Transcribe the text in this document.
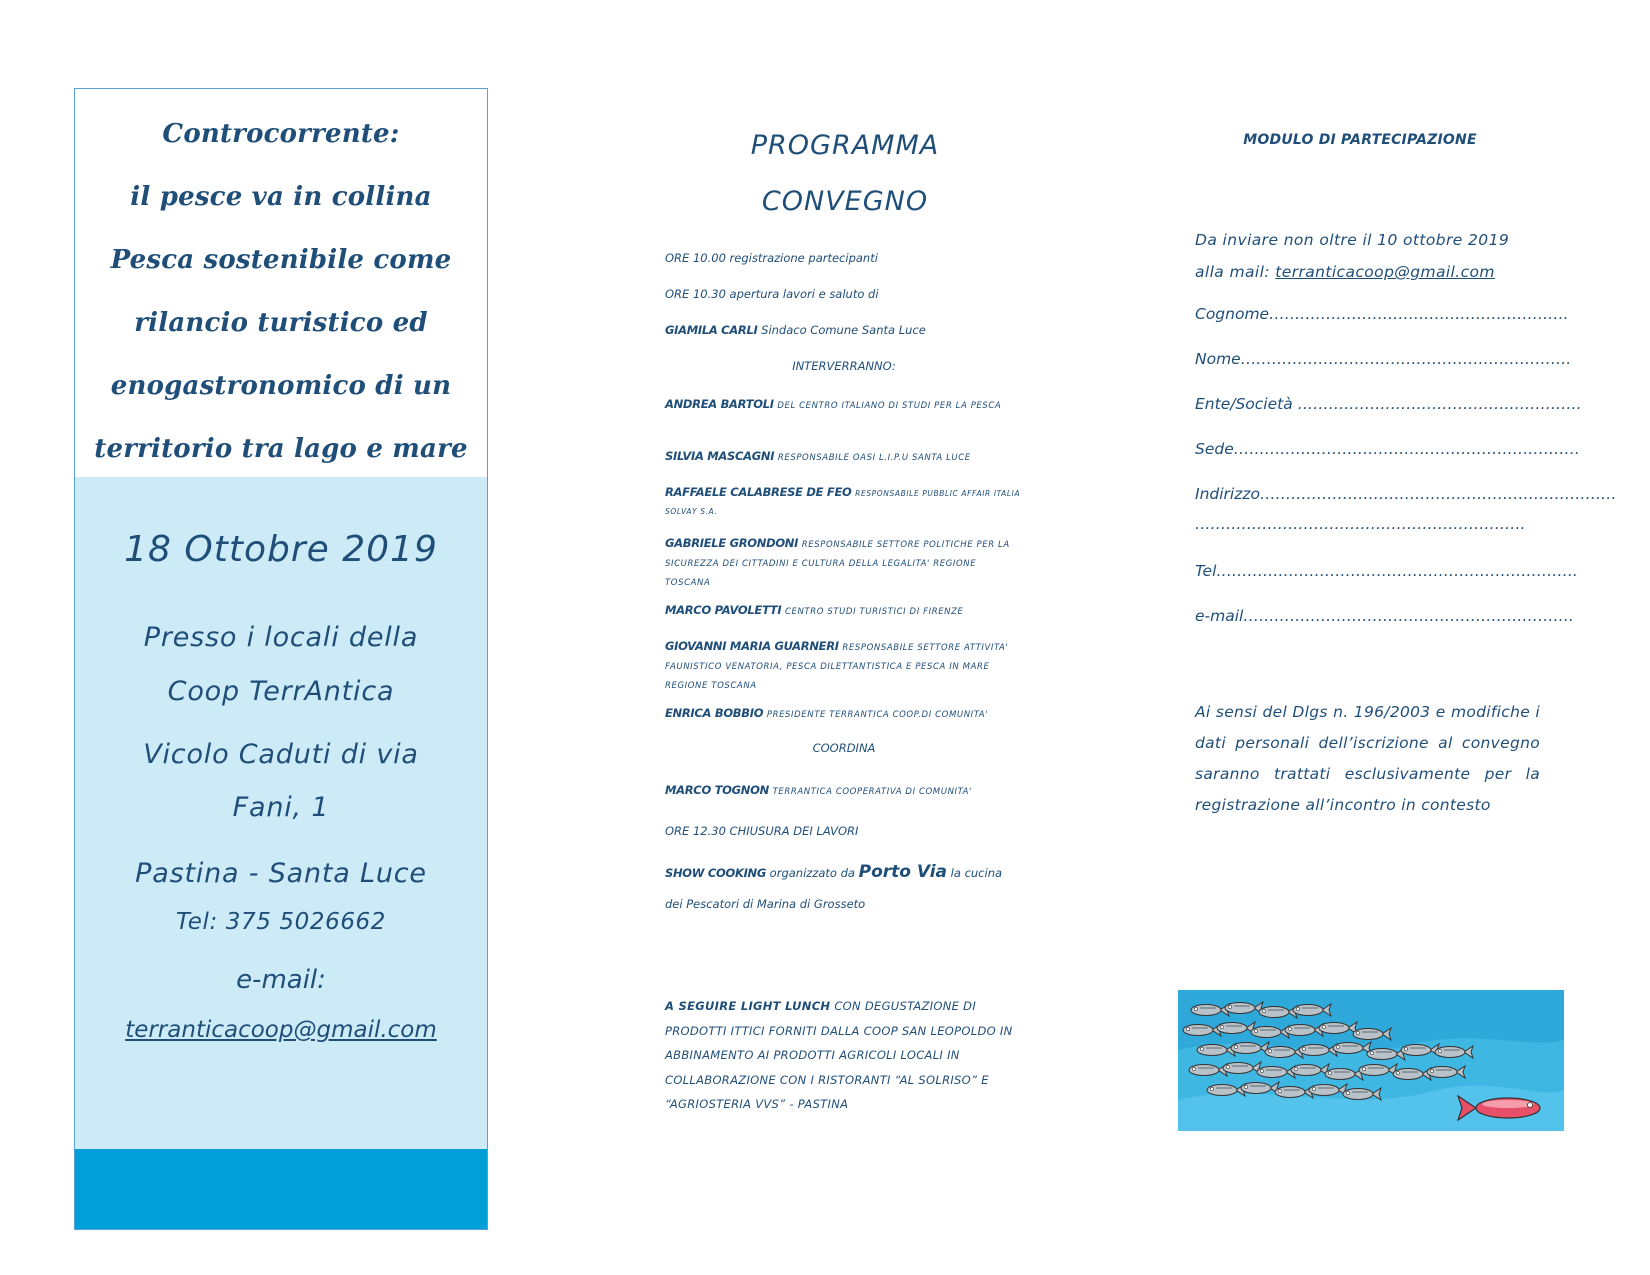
Controcorrente:
il pesce va in collina
Pesca sostenibile come
rilancio turistico ed
enogastronomico di un
territorio tra lago e mare
18 Ottobre 2019
Presso i locali della
Coop TerrAntica
Vicolo Caduti di via
Fani, 1
Pastina - Santa Luce
Tel: 375 5026662
e-mail:
terranticacoop@gmail.com
PROGRAMMA
CONVEGNO
ORE 10.00 registrazione partecipanti
ORE 10.30 apertura lavori e saluto di
GIAMILA CARLI Sindaco Comune Santa Luce
INTERVERRANNO:
ANDREA BARTOLI DEL CENTRO ITALIANO DI STUDI PER LA PESCA
SILVIA MASCAGNI RESPONSABILE OASI L.I.P.U SANTA LUCE
RAFFAELE CALABRESE DE FEO RESPONSABILE PUBBLIC AFFAIR ITALIA SOLVAY S.A.
GABRIELE GRONDONI RESPONSABILE SETTORE POLITICHE PER LA SICUREZZA DEI CITTADINI E CULTURA DELLA LEGALITA' REGIONE TOSCANA
MARCO PAVOLETTI CENTRO STUDI TURISTICI DI FIRENZE
GIOVANNI MARIA GUARNERI RESPONSABILE SETTORE ATTIVITA' FAUNISTICO VENATORIA, PESCA DILETTANTISTICA E PESCA IN MARE REGIONE TOSCANA
ENRICA BOBBIO PRESIDENTE TERRANTICA COOP.DI COMUNITA'
COORDINA
MARCO TOGNON TERRANTICA COOPERATIVA DI COMUNITA'
ORE 12.30 CHIUSURA DEI LAVORI
SHOW COOKING organizzato da Porto Via la cucina
dei Pescatori di Marina di Grosseto
A SEGUIRE LIGHT LUNCH CON DEGUSTAZIONE DI PRODOTTI ITTICI FORNITI DALLA COOP SAN LEOPOLDO IN ABBINAMENTO AI PRODOTTI AGRICOLI LOCALI IN COLLABORAZIONE CON I RISTORANTI “AL SOLRISO” E “AGRIOSTERIA VVS” - PASTINA
MODULO DI PARTECIPAZIONE
Da inviare non oltre il 10 ottobre 2019
alla mail: terranticacoop@gmail.com
Cognome………………………………………………….
Nome……………………………………………………….
Ente/Società ……………………………………………….
Sede………………………………………………………….
Indirizzo……………………………………………………………
……………………………………………………….
Tel…………………………………………………………….
e-mail……………………………………………………….
Ai sensi del Dlgs n. 196/2003 e modifiche i dati personali dell’iscrizione al convegno saranno trattati esclusivamente per la registrazione all’incontro in contesto
